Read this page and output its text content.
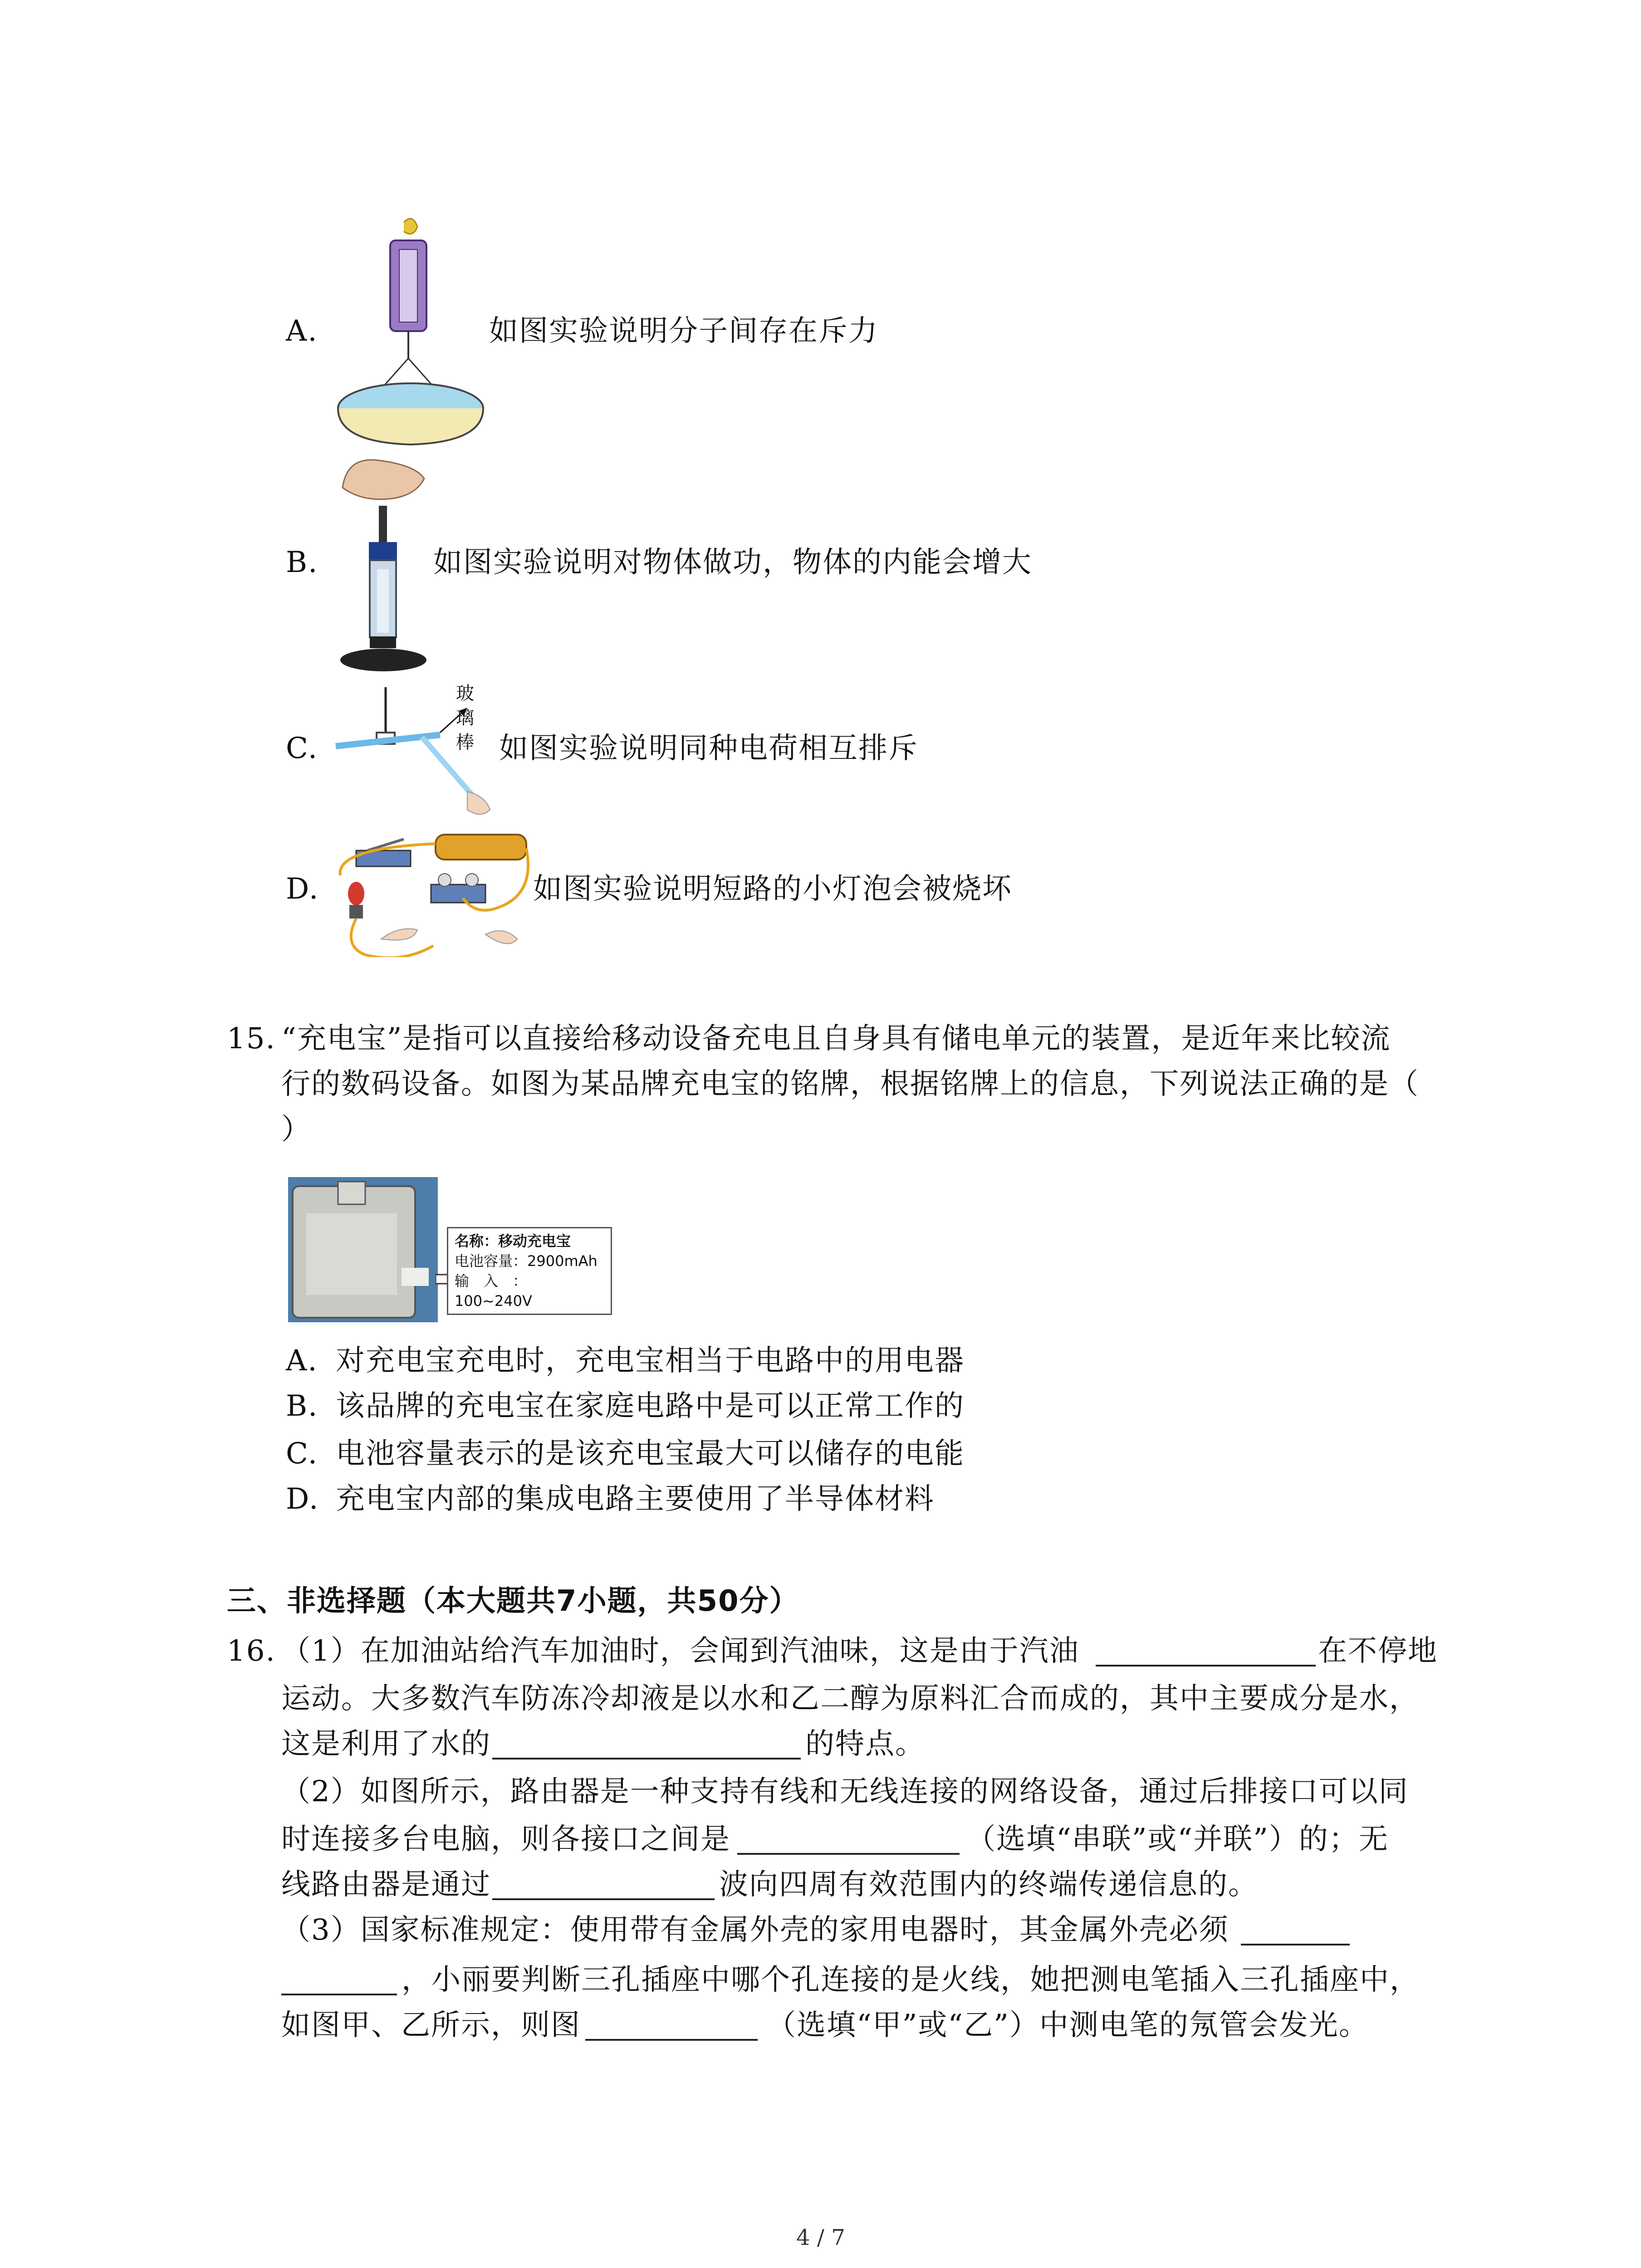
A.	如图实验说明分子间存在斥力
B.	如图实验说明对物体做功，物体的内能会增大
C.
玻
璃
棒 如图实验说明同种电荷相互排斥
D.	如图实验说明短路的小灯泡会被烧坏
15. “充电宝”是指可以直接给移动设备充电且自身具有储电单元的装置，是近年来比较流
行的数码设备。如图为某品牌充电宝的铭牌，根据铭牌上的信息，下列说法正确的是（
）
名称：移动充电宝
电池容量：2900mAh
输　入　：100~240V
A. 对充电宝充电时，充电宝相当于电路中的用电器
B. 该品牌的充电宝在家庭电路中是可以正常工作的
C. 电池容量表示的是该充电宝最大可以储存的电能
D. 充电宝内部的集成电路主要使用了半导体材料
三、非选择题（本大题共7小题，共50分）
16. （1）在加油站给汽车加油时，会闻到汽油味，这是由于汽油	在不停地
运动。大多数汽车防冻冷却液是以水和乙二醇为原料汇合而成的，其中主要成分是水，
这是利用了水的	的特点。
（2）如图所示，路由器是一种支持有线和无线连接的网络设备，通过后排接口可以同
时连接多台电脑，则各接口之间是	（选填“串联”或“并联”）的；无
线路由器是通过	波向四周有效范围内的终端传递信息的。
（3）国家标准规定：使用带有金属外壳的家用电器时，其金属外壳必须
，小丽要判断三孔插座中哪个孔连接的是火线，她把测电笔插入三孔插座中，
如图甲、乙所示，则图	（选填“甲”或“乙”）中测电笔的氖管会发光。
4 / 7
